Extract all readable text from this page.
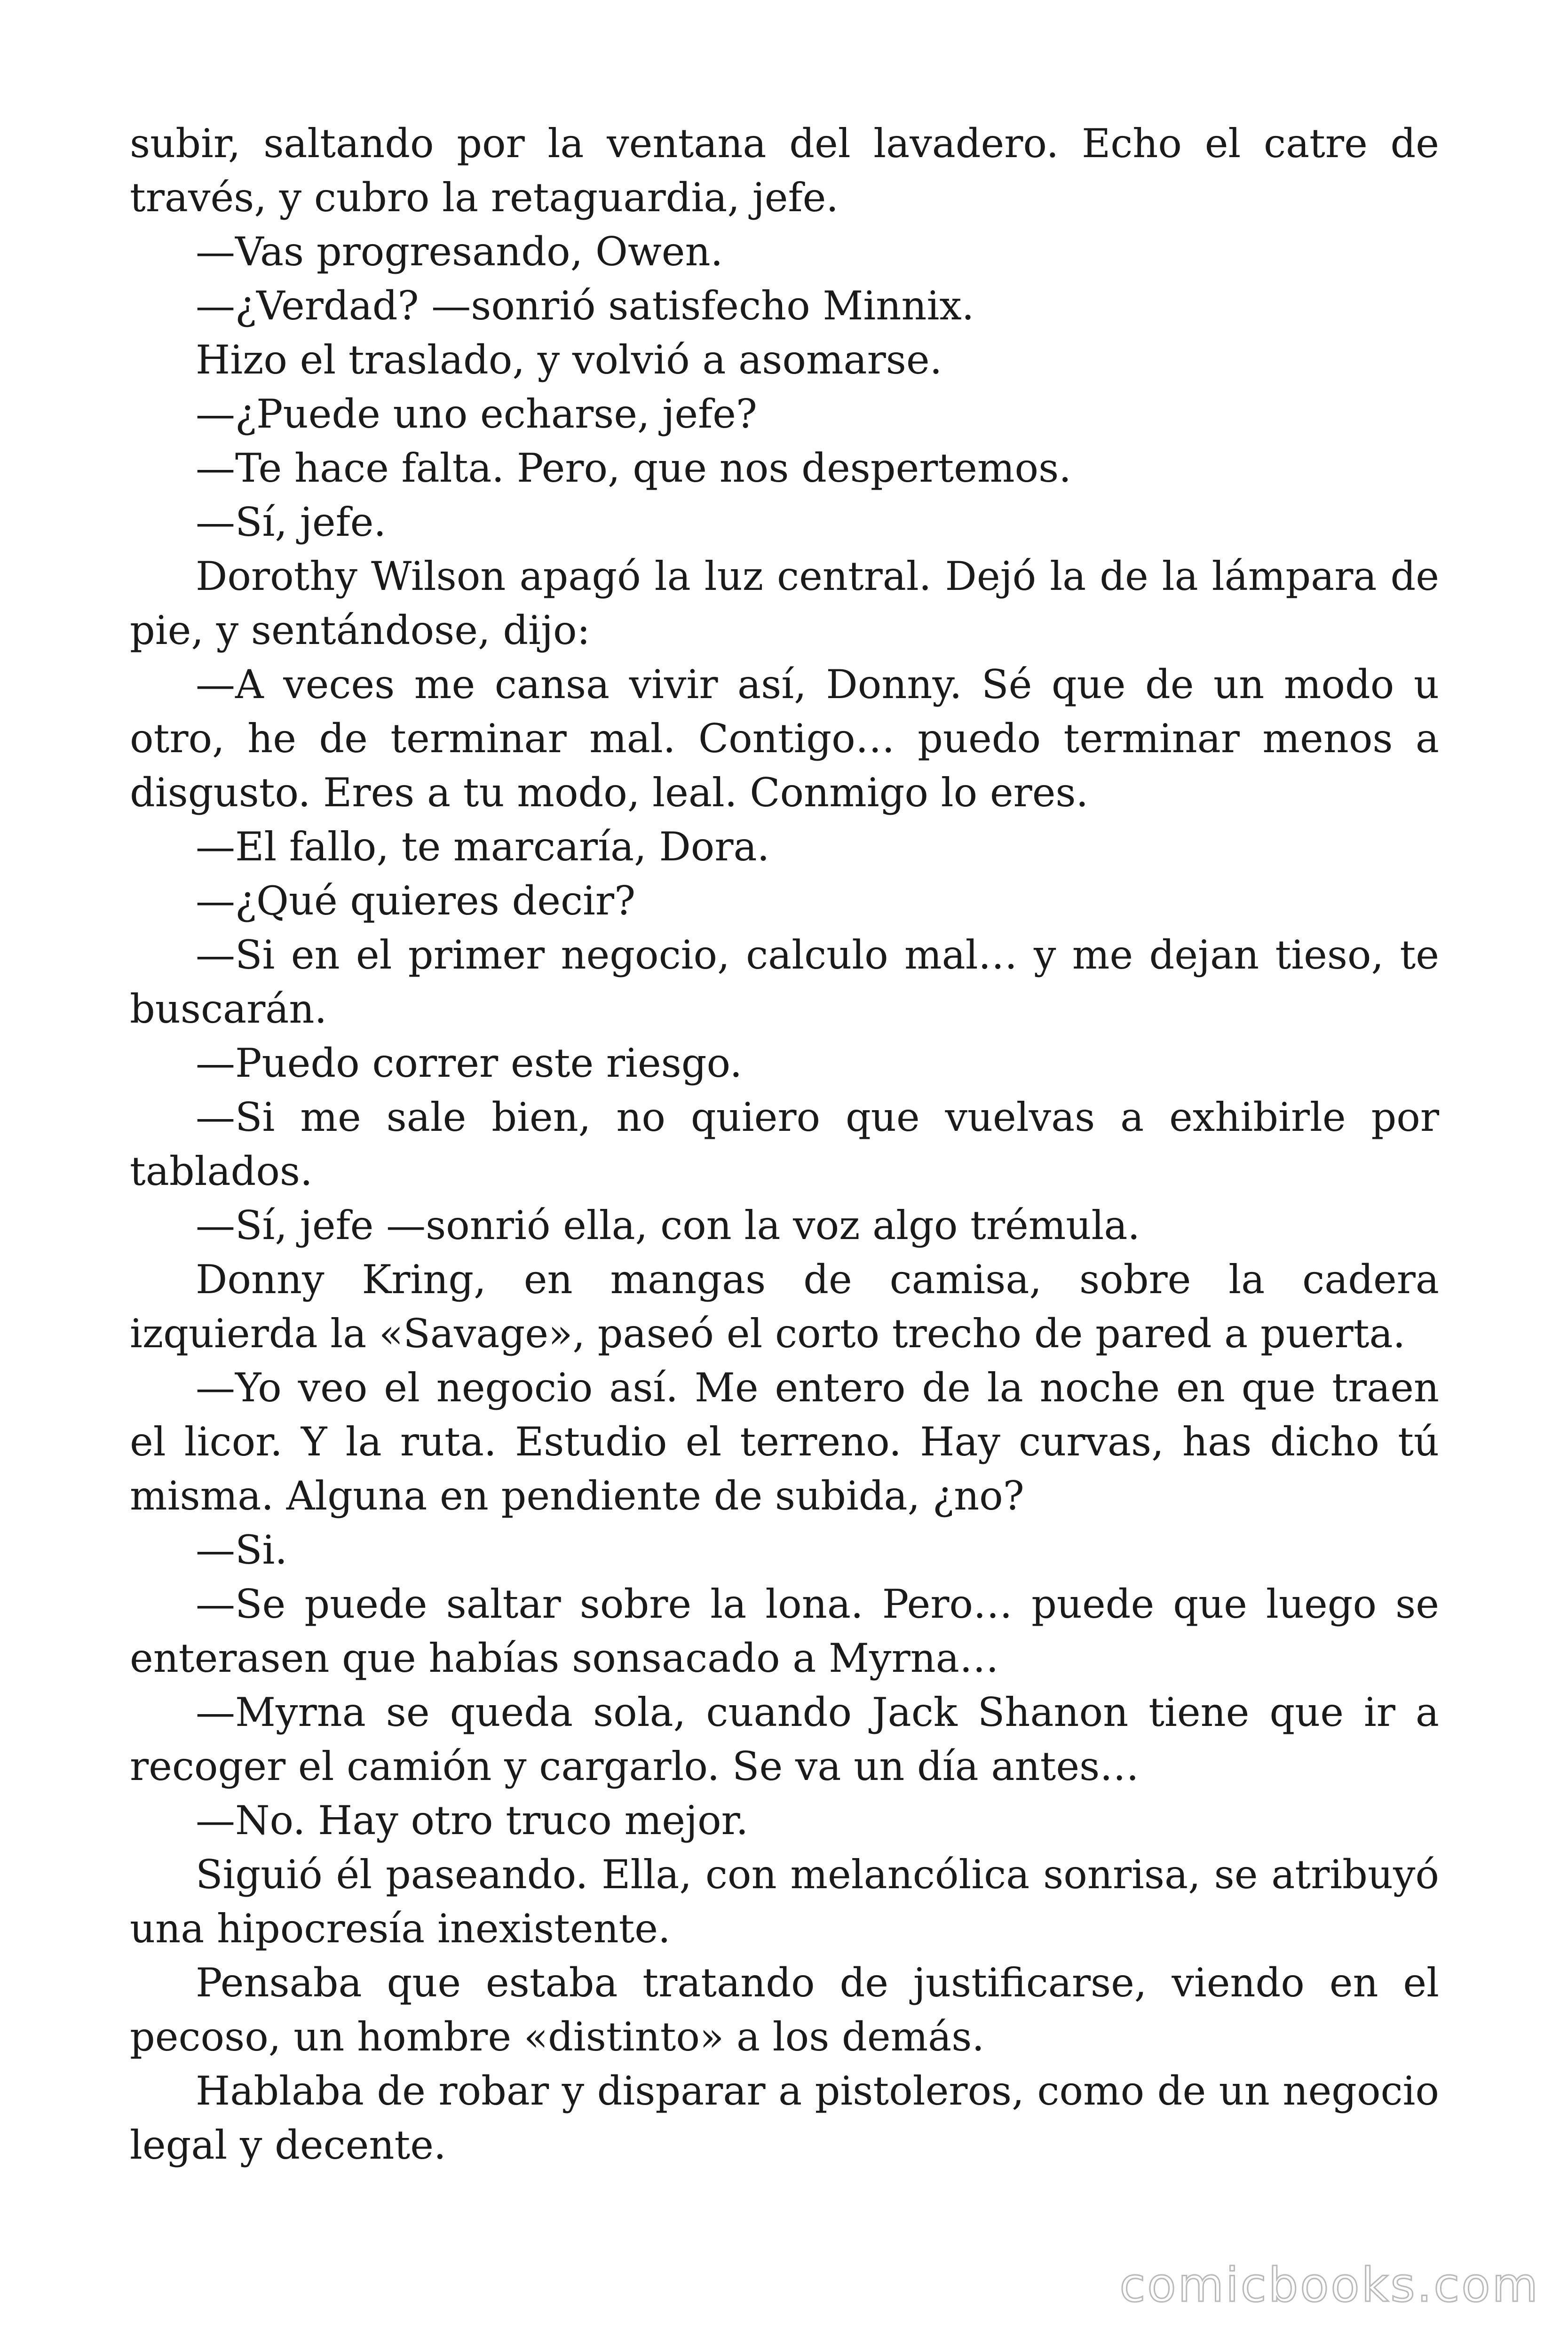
subir, saltando por la ventana del lavadero. Echo el catre de través, y cubro la retaguardia, jefe.

—Vas progresando, Owen.

—¿Verdad? —sonrió satisfecho Minnix.

Hizo el traslado, y volvió a asomarse.

—¿Puede uno echarse, jefe?

—Te hace falta. Pero, que nos despertemos.

—Sí, jefe.

Dorothy Wilson apagó la luz central. Dejó la de la lámpara de pie, y sentándose, dijo:

—A veces me cansa vivir así, Donny. Sé que de un modo u otro, he de terminar mal. Contigo… puedo terminar menos a disgusto. Eres a tu modo, leal. Conmigo lo eres.

—El fallo, te marcaría, Dora.

—¿Qué quieres decir?

—Si en el primer negocio, calculo mal… y me dejan tieso, te buscarán.

—Puedo correr este riesgo.

—Si me sale bien, no quiero que vuelvas a exhibirle por tablados.

—Sí, jefe —sonrió ella, con la voz algo trémula.

Donny Kring, en mangas de camisa, sobre la cadera izquierda la «Savage», paseó el corto trecho de pared a puerta.

—Yo veo el negocio así. Me entero de la noche en que traen el licor. Y la ruta. Estudio el terreno. Hay curvas, has dicho tú misma. Alguna en pendiente de subida, ¿no?

—Si.

—Se puede saltar sobre la lona. Pero… puede que luego se enterasen que habías sonsacado a Myrna…

—Myrna se queda sola, cuando Jack Shanon tiene que ir a recoger el camión y cargarlo. Se va un día antes…

—No. Hay otro truco mejor.

Siguió él paseando. Ella, con melancólica sonrisa, se atribuyó una hipocresía inexistente.

Pensaba que estaba tratando de justificarse, viendo en el pecoso, un hombre «distinto» a los demás.

Hablaba de robar y disparar a pistoleros, como de un negocio legal y decente.

comicbooks.com
